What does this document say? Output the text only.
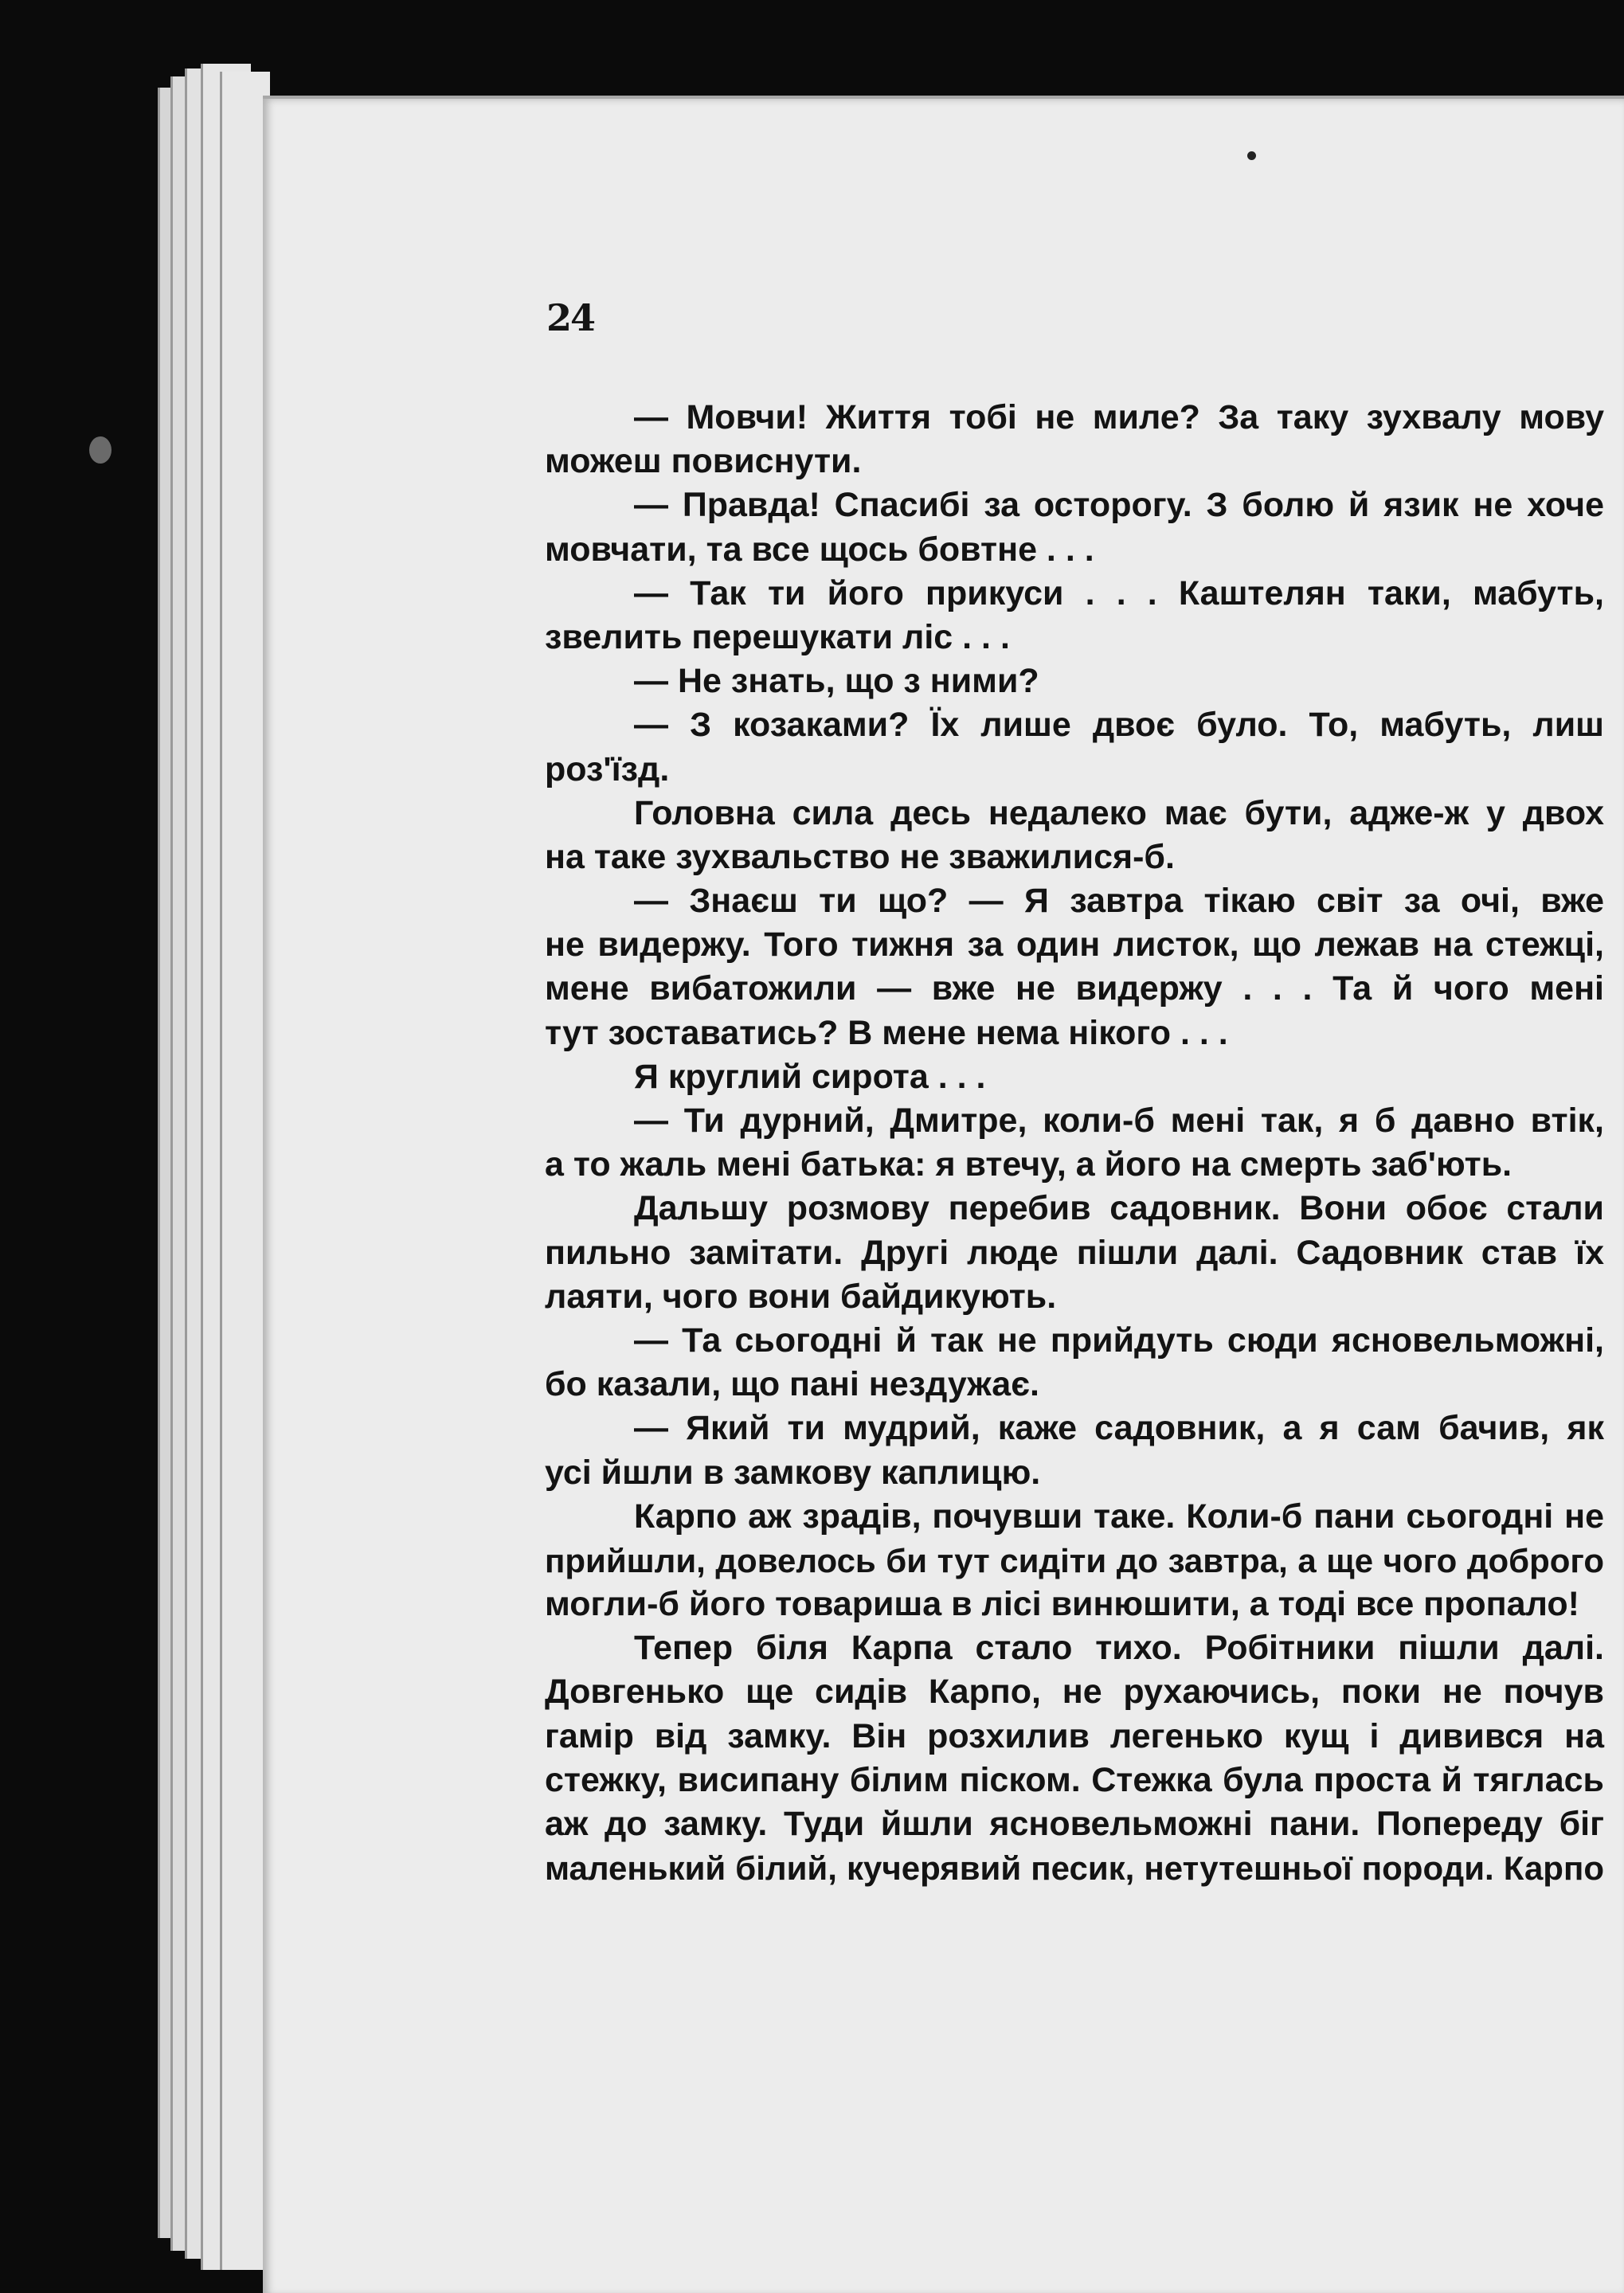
24
— Мовчи! Життя тобі не миле? За таку зухвалу мову
можеш повиснути.
— Правда! Спасибі за осторогу. З болю й язик не хоче
мовчати, та все щось бовтне . . .
— Так ти його прикуси . . . Каштелян таки, мабуть,
звелить перешукати ліс . . .
— Не знать, що з ними?
— З козаками? Їх лише двоє було. То, мабуть, лиш
роз'їзд.
Головна сила десь недалеко має бути, адже-ж у двох
на таке зухвальство не зважилися-б.
— Знаєш ти що? — Я завтра тікаю світ за очі, вже
не видержу. Того тижня за один листок, що лежав на стежці,
мене вибатожили — вже не видержу . . . Та й чого мені
тут зоставатись? В мене нема нікого . . .
Я круглий сирота . . .
— Ти дурний, Дмитре, коли-б мені так, я б давно втік,
а то жаль мені батька: я втечу, а його на смерть заб'ють.
Дальшу розмову перебив садовник. Вони обоє стали
пильно замітати. Другі люде пішли далі. Садовник став їх
лаяти, чого вони байдикують.
— Та сьогодні й так не прийдуть сюди ясновельможні,
бо казали, що пані нездужає.
— Який ти мудрий, каже садовник, а я сам бачив, як
усі йшли в замкову каплицю.
Карпо аж зрадів, почувши таке. Коли-б пани сьогодні не
прийшли, довелось би тут сидіти до завтра, а ще чого доброго
могли-б його товариша в лісі винюшити, а тоді все пропало!
Тепер біля Карпа стало тихо. Робітники пішли далі.
Довгенько ще сидів Карпо, не рухаючись, поки не почув
гамір від замку. Він розхилив легенько кущ і дивився на
стежку, висипану білим піском. Стежка була проста й тяглась
аж до замку. Туди йшли ясновельможні пани. Попереду біг
маленький білий, кучерявий песик, нетутешньої породи. Карпо
